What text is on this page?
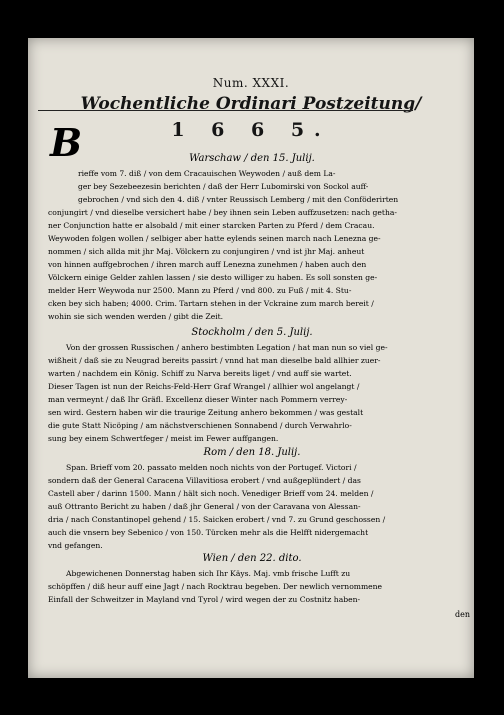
Num. XXXI.
Wochentliche Ordinari Postzeitung/
1 6 6 5.
Warschaw / den 15. Julij.
B
rieffe vom 7. diß / von dem Cracauischen Weywoden / auß dem La-
ger bey Sezebeezesin berichten / daß der Herr Lubomirski von Sockol auff-
gebrochen / vnd sich den 4. diß / vnter Reussisch Lemberg / mit den Conföderirten
conjungirt / vnd dieselbe versichert habe / bey ihnen sein Leben auffzusetzen: nach getha-
ner Conjunction hatte er alsobald / mit einer starcken Parten zu Pferd / dem Cracau.
Weywoden folgen wollen / selbiger aber hatte eylends seinen march nach Lenezna ge-
nommen / sich allda mit jhr Maj. Völckern zu conjungiren / vnd ist jhr Maj. anheut
von hinnen auffgebrochen / ihren march auff Lenezna zunehmen / haben auch den
Völckern einige Gelder zahlen lassen / sie desto williger zu haben. Es soll sonsten ge-
melder Herr Weywoda nur 2500. Mann zu Pferd / vnd 800. zu Fuß / mit 4. Stu-
cken bey sich haben; 4000. Crim. Tartarn stehen in der Vckraine zum march bereit /
wohin sie sich wenden werden / gibt die Zeit.
Stockholm / den 5. Julij.
Von der grossen Russischen / anhero bestimbten Legation / hat man nun so viel ge-
wißheit / daß sie zu Neugrad bereits passirt / vnnd hat man dieselbe bald allhier zuer-
warten / nachdem ein König. Schiff zu Narva bereits liget / vnd auff sie wartet.
Dieser Tagen ist nun der Reichs-Feld-Herr Graf Wrangel / allhier wol angelangt /
man vermeynt / daß Ihr Gräfl. Excellenz dieser Winter nach Pommern verrey-
sen wird. Gestern haben wir die traurige Zeitung anhero bekommen / was gestalt
die gute Statt Nicöping / am nächstverschienen Sonnabend / durch Verwahrlo-
sung bey einem Schwertfeger / meist im Fewer auffgangen.
Rom / den 18. Julij.
Span. Brieff vom 20. passato melden noch nichts von der Portugef. Victori /
sondern daß der General Caracena Villavitiosa erobert / vnd außgeplündert / das
Castell aber / darinn 1500. Mann / hält sich noch. Venediger Brieff vom 24. melden /
auß Ottranto Bericht zu haben / daß jhr General / von der Caravana von Alessan-
dria / nach Constantinopel gehend / 15. Saicken erobert / vnd 7. zu Grund geschossen /
auch die vnsern bey Sebenico / von 150. Türcken mehr als die Helfft nidergemacht
vnd gefangen.
Wien / den 22. dito.
Abgewichenen Donnerstag haben sich Ihr Käys. Maj. vmb frische Lufft zu
schöpffen / diß heur auff eine Jagt / nach Rocktrau begeben. Der newlich vernommene
Einfall der Schweitzer in Mayland vnd Tyrol / wird wegen der zu Costnitz haben-
den
